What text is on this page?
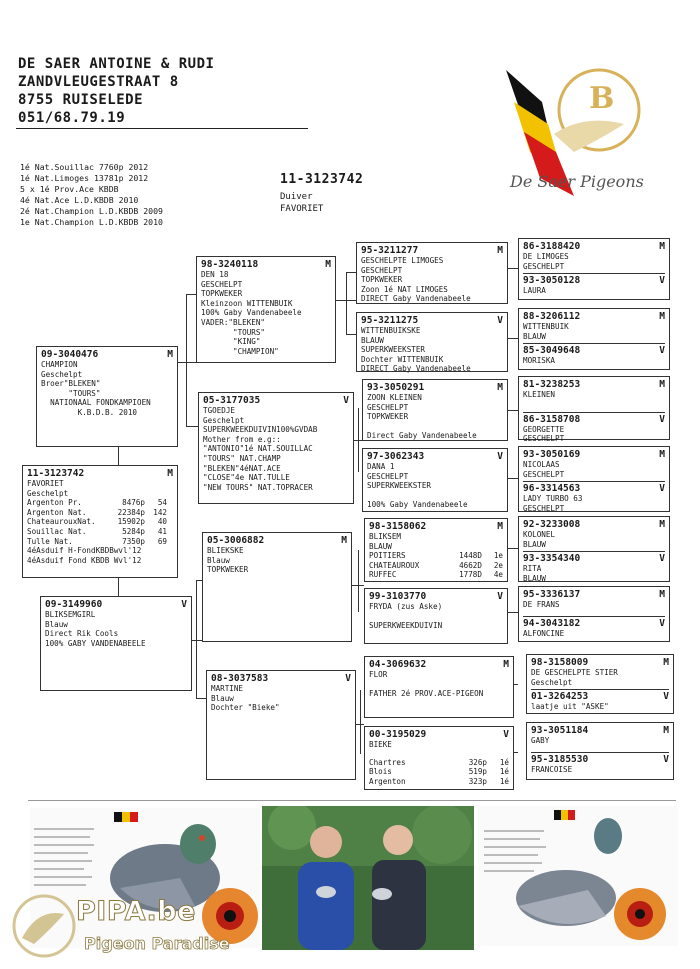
DE SAER ANTOINE & RUDI
ZANDVLEUGESTRAAT 8
8755 RUISELEDE
051/68.79.19
B
De Saer Pigeons
1é Nat.Souillac 7760p 2012
1é Nat.Limoges 13781p 2012
5 x 1é Prov.Ace KBDB
4é Nat.Ace L.D.KBDB 2010
2é Nat.Champion L.D.KBDB 2009
1e Nat.Champion L.D.KBDB 2010
11-3123742
Duiver
FAVORIET
11-3123742	M
FAVORIET
Geschelpt
Argenton Pr.	8476p	54
Argenton Nat.	22384p	142
ChateaurouxNat.	15902p	40
Souillac Nat.	5284p	41
Tulle Nat.	7350p	69
4éAsduif H-FondKBDBwvl'12
4éAsduif Fond KBDB Wvl'12
09-3040476	M
CHAMPION
Geschelpt
Broer"BLEKEN"
"TOURS"
NATIONAAL FONDKAMPIOEN
K.B.D.B. 2010
09-3149960	V
BLIKSEMGIRL
Blauw
Direct Rik Cools
100% GABY VANDENABEELE
98-3240118	M
DEN 18
GESCHELPT
TOPKWEKER
Kleinzoon WITTENBUIK
100% Gaby Vandenabeele
VADER:"BLEKEN"
"TOURS"
"KING"
"CHAMPION"
05-3177035	V
TGOEDJE
Geschelpt
SUPERKWEEKDUIVIN100%GVDAB
Mother from e.g::
"ANTONIO"1é NAT.SOUILLAC
"TOURS" NAT.CHAMP
"BLEKEN"4éNAT.ACE
"CLOSE"4e NAT.TULLE
"NEW TOURS" NAT.TOPRACER
05-3006882	M
BLIEKSKE
Blauw
TOPKWEKER
08-3037583	V
MARTINE
Blauw
Dochter "Bieke"
95-3211277	M
GESCHELPTE LIMOGES
GESCHELPT
TOPKWEKER
Zoon 1é NAT LIMOGES
DIRECT Gaby Vandenabeele
95-3211275	V
WITTENBUIKSKE
BLAUW
SUPERKWEEKSTER
Dochter WITTENBUIK
DIRECT Gaby Vandenabeele
93-3050291	M
ZOON KLEINEN
GESCHELPT
TOPKWEKER
Direct Gaby Vandenabeele
97-3062343	V
DANA 1
GESCHELPT
SUPERKWEEKSTER
100% Gaby Vandenabeele
98-3158062	M
BLIKSEM
BLAUW
POITIERS	1448D	1e
CHATEAUROUX	4662D	2e
RUFFEC	1778D	4e
99-3103770	V
FRYDA (zus Aske)
SUPERKWEEKDUIVIN
04-3069632	M
FLOR
FATHER 2é PROV.ACE-PIGEON
00-3195029	V
BIEKE
Chartres	326p	1é
Blois	519p	1é
Argenton	323p	1é
86-3188420	M
DE LIMOGES
GESCHELPT
93-3050128	V
LAURA
88-3206112	M
WITTENBUIK
BLAUW
85-3049648	V
MORISKA
81-3238253	M
KLEINEN
86-3158708	V
GEORGETTE
GESCHELPT
93-3050169	M
NICOLAAS
GESCHELPT
96-3314563	V
LADY TURBO 63
GESCHELPT
92-3233008	M
KOLONEL
BLAUW
93-3354340	V
RITA
BLAUW
95-3336137	M
DE FRANS
94-3043182	V
ALFONCINE
98-3158009	M
DE GESCHELPTE STIER
Geschelpt
01-3264253	V
laatje uit "ASKE"
93-3051184	M
GABY
95-3185530	V
FRANCOISE
PIPA.be
Pigeon Paradise
